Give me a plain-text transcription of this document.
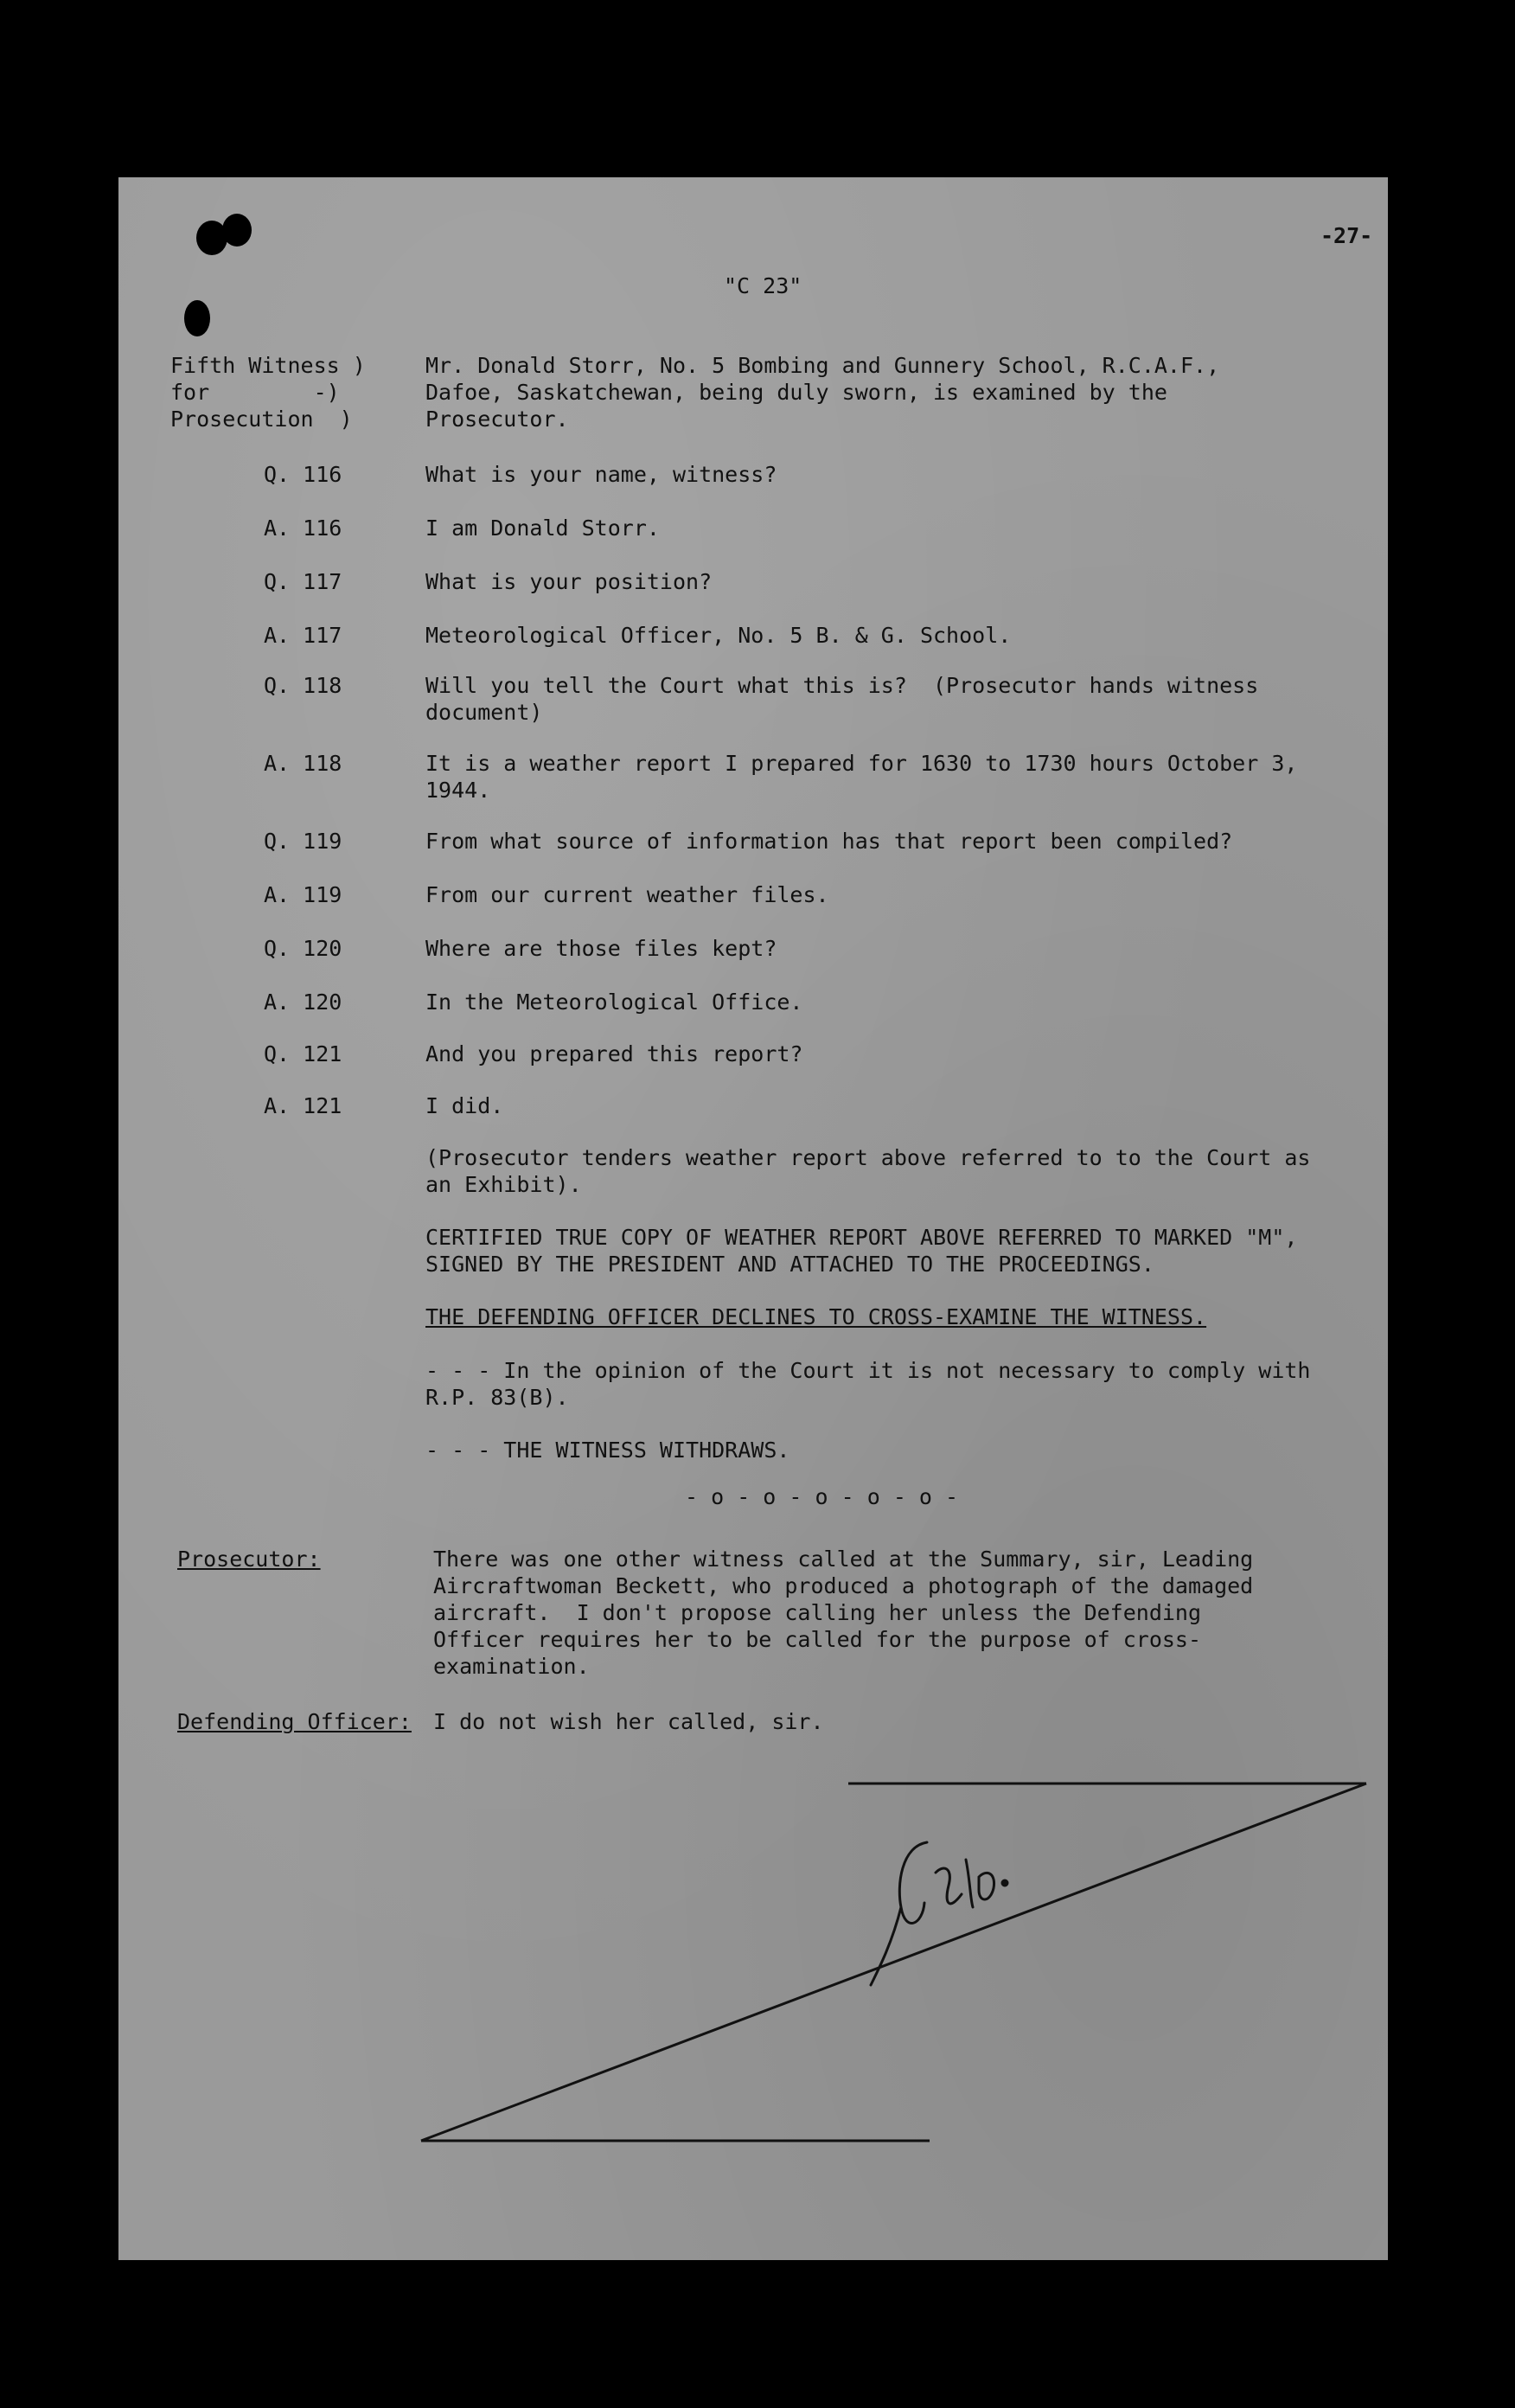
-27-
"C 23"
Fifth Witness )
for        -)
Prosecution  )
Mr. Donald Storr, No. 5 Bombing and Gunnery School, R.C.A.F.,
Dafoe, Saskatchewan, being duly sworn, is examined by the
Prosecutor.
Q. 116	What is your name, witness?
A. 116	I am Donald Storr.
Q. 117	What is your position?
A. 117	Meteorological Officer, No. 5 B. & G. School.
Q. 118	Will you tell the Court what this is?  (Prosecutor hands witness
document)
A. 118	It is a weather report I prepared for 1630 to 1730 hours October 3,
1944.
Q. 119	From what source of information has that report been compiled?
A. 119	From our current weather files.
Q. 120	Where are those files kept?
A. 120	In the Meteorological Office.
Q. 121	And you prepared this report?
A. 121	I did.
(Prosecutor tenders weather report above referred to to the Court as
an Exhibit).
CERTIFIED TRUE COPY OF WEATHER REPORT ABOVE REFERRED TO MARKED "M",
SIGNED BY THE PRESIDENT AND ATTACHED TO THE PROCEEDINGS.
THE DEFENDING OFFICER DECLINES TO CROSS-EXAMINE THE WITNESS.
- - - In the opinion of the Court it is not necessary to comply with
R.P. 83(B).
- - - THE WITNESS WITHDRAWS.
- o - o - o - o - o -
Prosecutor:	There was one other witness called at the Summary, sir, Leading
Aircraftwoman Beckett, who produced a photograph of the damaged
aircraft.  I don't propose calling her unless the Defending
Officer requires her to be called for the purpose of cross-
examination.
Defending Officer: I do not wish her called, sir.
